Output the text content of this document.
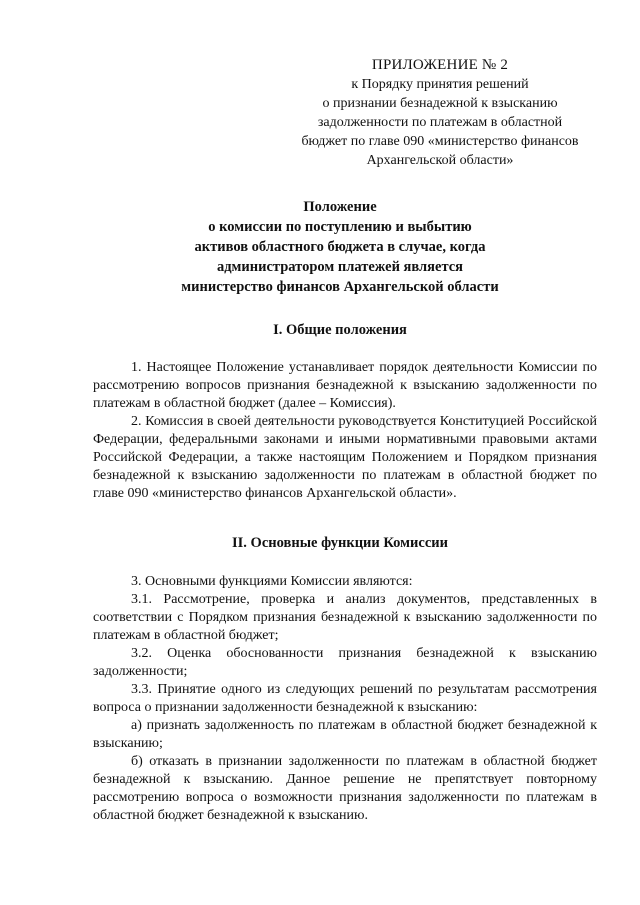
ПРИЛОЖЕНИЕ № 2
к Порядку принятия решений
о признании безнадежной к взысканию
задолженности по платежам в областной
бюджет по главе 090 «министерство финансов
Архангельской области»
Положение
о комиссии по поступлению и выбытию
активов областного бюджета в случае, когда
администратором платежей является
министерство финансов Архангельской области
I. Общие положения

1. Настоящее Положение устанавливает порядок деятельности Комиссии по рассмотрению вопросов признания безнадежной к взысканию задолженности по платежам в областной бюджет (далее – Комиссия).

2. Комиссия в своей деятельности руководствуется Конституцией Российской Федерации, федеральными законами и иными нормативными правовыми актами Российской Федерации, а также настоящим Положением и Порядком признания безнадежной к взысканию задолженности по платежам в областной бюджет по главе 090 «министерство финансов Архангельской области».

II. Основные функции Комиссии

3. Основными функциями Комиссии являются:

3.1. Рассмотрение, проверка и анализ документов, представленных в соответствии с Порядком признания безнадежной к взысканию задолженности по платежам в областной бюджет;

3.2. Оценка обоснованности признания безнадежной к взысканию задолженности;

3.3. Принятие одного из следующих решений по результатам рассмотрения вопроса о признании задолженности безнадежной к взысканию:

а) признать задолженность по платежам в областной бюджет безнадежной к взысканию;

б) отказать в признании задолженности по платежам в областной бюджет безнадежной к взысканию. Данное решение не препятствует повторному рассмотрению вопроса о возможности признания задолженности по платежам в областной бюджет безнадежной к взысканию.
